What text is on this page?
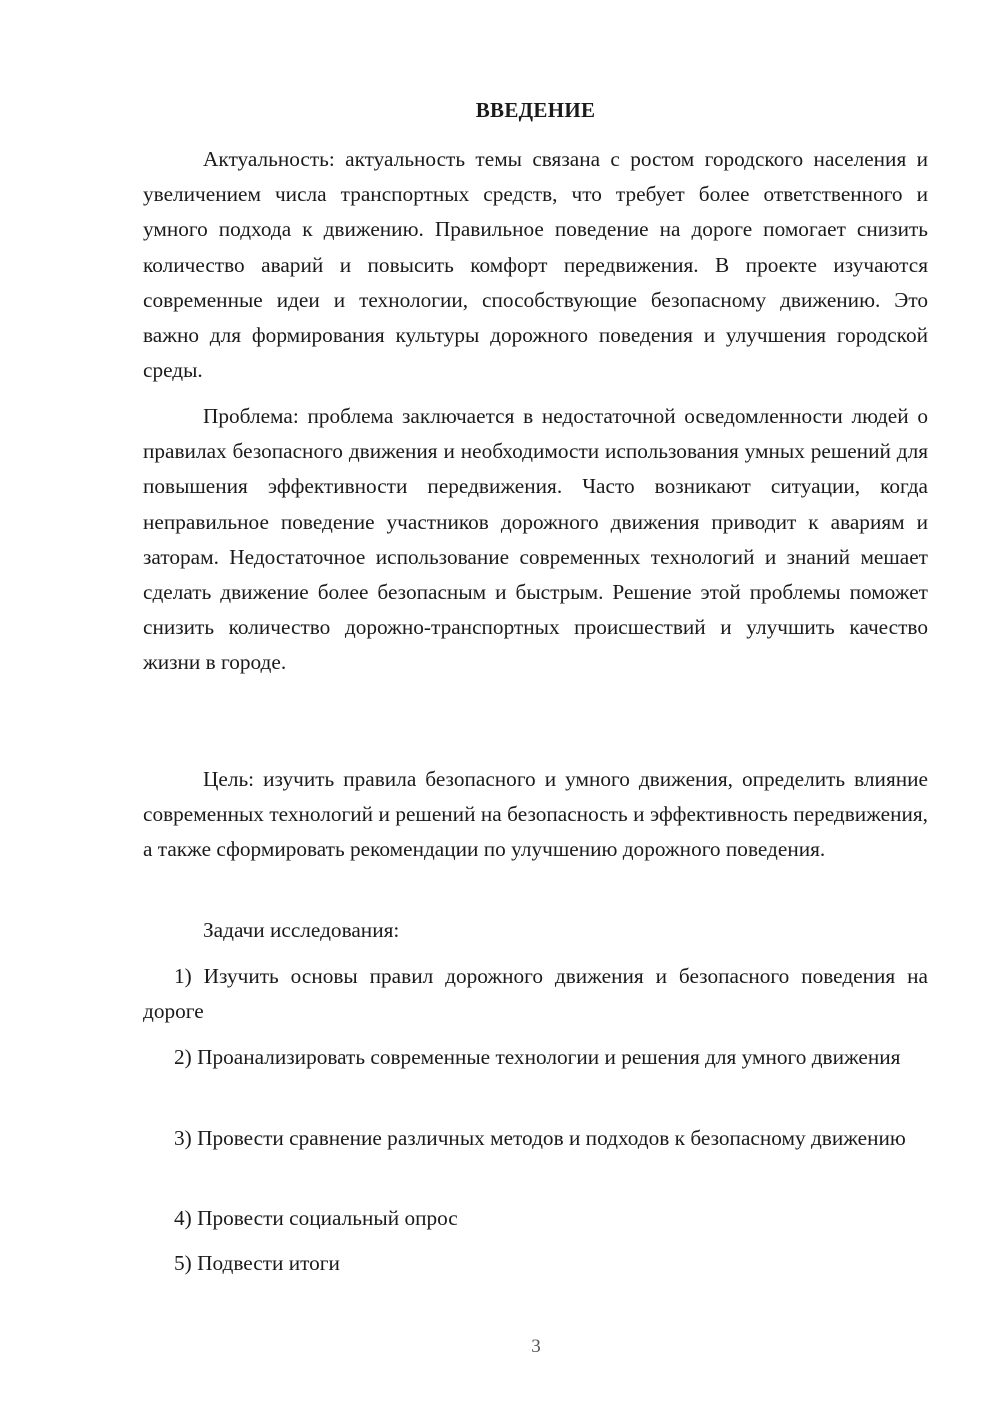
ВВЕДЕНИЕ

Актуальность: актуальность темы связана с ростом городского населения и увеличением числа транспортных средств, что требует более ответственного и умного подхода к движению. Правильное поведение на дороге помогает снизить количество аварий и повысить комфорт передвижения. В проекте изучаются современные идеи и технологии, способствующие безопасному движению. Это важно для формирования культуры дорожного поведения и улучшения городской среды.

Проблема: проблема заключается в недостаточной осведомленности людей о правилах безопасного движения и необходимости использования умных решений для повышения эффективности передвижения. Часто возникают ситуации, когда неправильное поведение участников дорожного движения приводит к авариям и заторам. Недостаточное использование современных технологий и знаний мешает сделать движение более безопасным и быстрым. Решение этой проблемы поможет снизить количество дорожно-транспортных происшествий и улучшить качество жизни в городе.

Цель: изучить правила безопасного и умного движения, определить влияние современных технологий и решений на безопасность и эффективность передвижения, а также сформировать рекомендации по улучшению дорожного поведения.

Задачи исследования:

1) Изучить основы правил дорожного движения и безопасного поведения на дороге

2) Проанализировать современные технологии и решения для умного движения

3) Провести сравнение различных методов и подходов к безопасному движению

4) Провести социальный опрос

5) Подвести итоги

3
